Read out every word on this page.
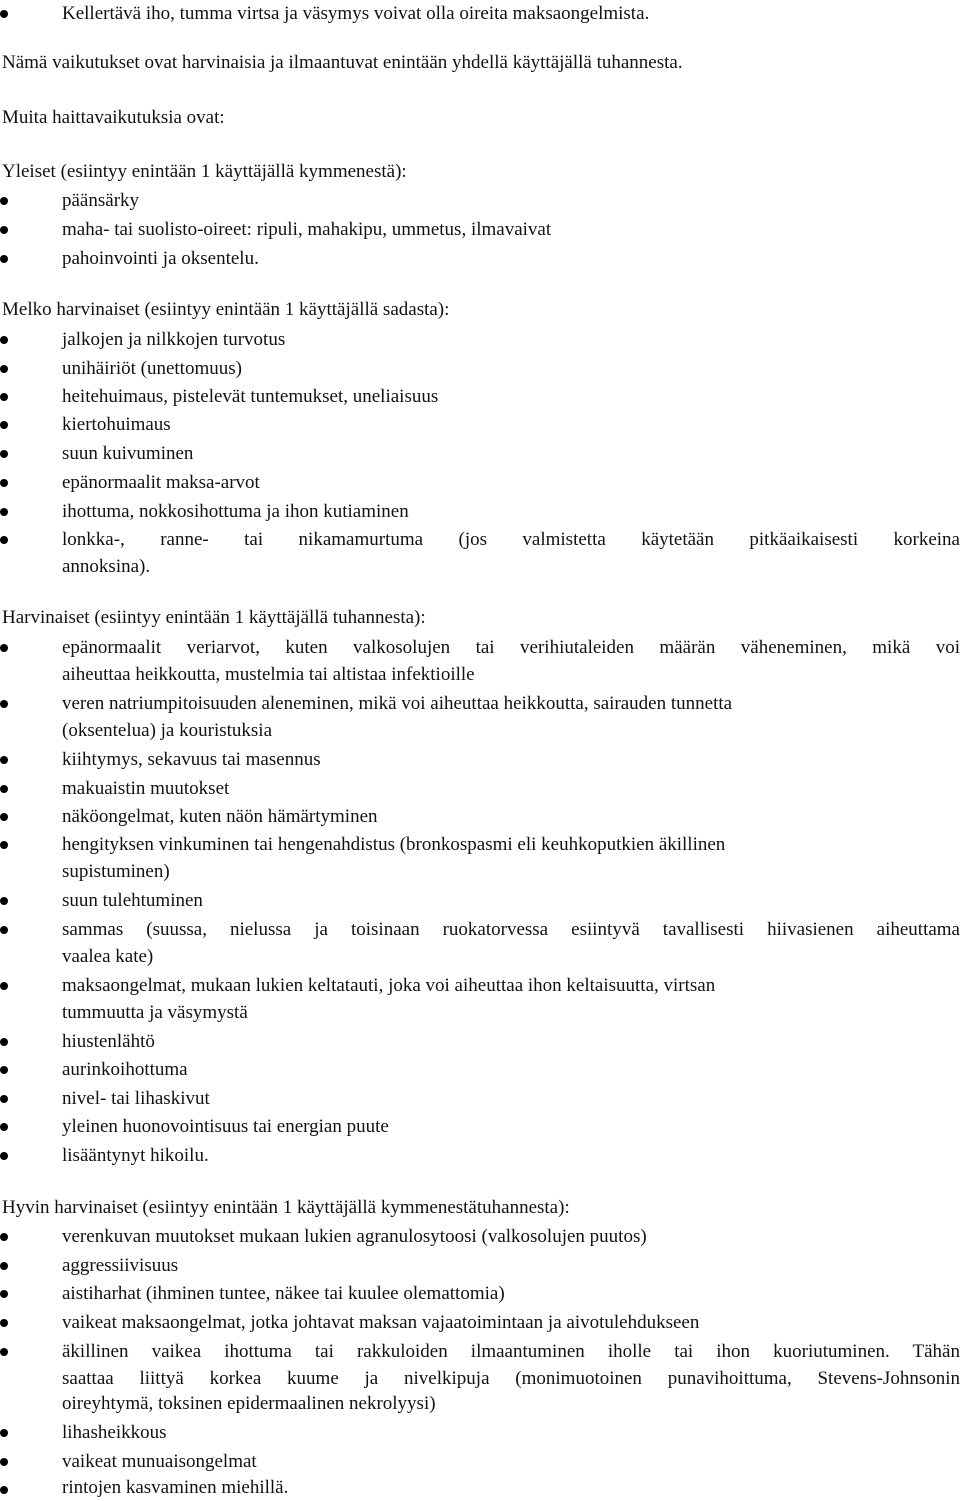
Kellertävä iho, tumma virtsa ja väsymys voivat olla oireita maksaongelmista.
Nämä vaikutukset ovat harvinaisia ja ilmaantuvat enintään yhdellä käyttäjällä tuhannesta.
Muita haittavaikutuksia ovat:
Yleiset (esiintyy enintään 1 käyttäjällä kymmenestä):
päänsärky
maha- tai suolisto-oireet: ripuli, mahakipu, ummetus, ilmavaivat
pahoinvointi ja oksentelu.
Melko harvinaiset (esiintyy enintään 1 käyttäjällä sadasta):
jalkojen ja nilkkojen turvotus
unihäiriöt (unettomuus)
heitehuimaus, pistelevät tuntemukset, uneliaisuus
kiertohuimaus
suun kuivuminen
epänormaalit maksa-arvot
ihottuma, nokkosihottuma ja ihon kutiaminen
lonkka-, ranne- tai nikamamurtuma (jos valmistetta käytetään pitkäaikaisesti korkeina
annoksina).
Harvinaiset (esiintyy enintään 1 käyttäjällä tuhannesta):
epänormaalit veriarvot, kuten valkosolujen tai verihiutaleiden määrän väheneminen, mikä voi
aiheuttaa heikkoutta, mustelmia tai altistaa infektioille
veren natriumpitoisuuden aleneminen, mikä voi aiheuttaa heikkoutta, sairauden tunnetta
(oksentelua) ja kouristuksia
kiihtymys, sekavuus tai masennus
makuaistin muutokset
näköongelmat, kuten näön hämärtyminen
hengityksen vinkuminen tai hengenahdistus (bronkospasmi eli keuhkoputkien äkillinen
supistuminen)
suun tulehtuminen
sammas (suussa, nielussa ja toisinaan ruokatorvessa esiintyvä tavallisesti hiivasienen aiheuttama
vaalea kate)
maksaongelmat, mukaan lukien keltatauti, joka voi aiheuttaa ihon keltaisuutta, virtsan
tummuutta ja väsymystä
hiustenlähtö
aurinkoihottuma
nivel- tai lihaskivut
yleinen huonovointisuus tai energian puute
lisääntynyt hikoilu.
Hyvin harvinaiset (esiintyy enintään 1 käyttäjällä kymmenestätuhannesta):
verenkuvan muutokset mukaan lukien agranulosytoosi (valkosolujen puutos)
aggressiivisuus
aistiharhat (ihminen tuntee, näkee tai kuulee olemattomia)
vaikeat maksaongelmat, jotka johtavat maksan vajaatoimintaan ja aivotulehdukseen
äkillinen vaikea ihottuma tai rakkuloiden ilmaantuminen iholle tai ihon kuoriutuminen. Tähän
saattaa liittyä korkea kuume ja nivelkipuja (monimuotoinen punavihoittuma, Stevens-Johnsonin
oireyhtymä, toksinen epidermaalinen nekrolyysi)
lihasheikkous
vaikeat munuaisongelmat
rintojen kasvaminen miehillä.
